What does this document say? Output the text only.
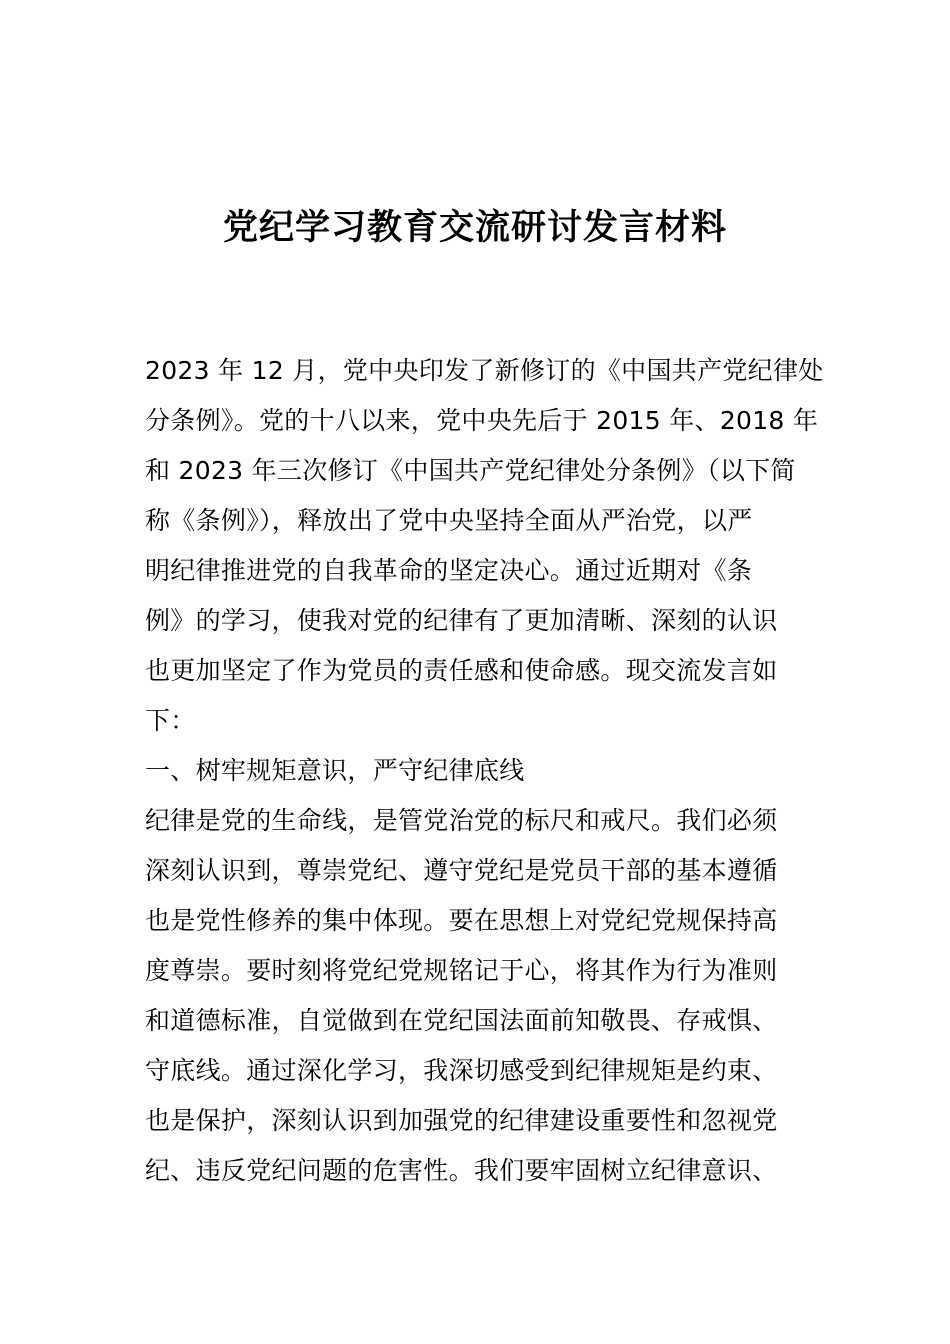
党纪学习教育交流研讨发言材料
2023 年 12 月，党中央印发了新修订的《中国共产党纪律处
分条例》。党的十八以来，党中央先后于 2015 年、2018 年
和 2023 年三次修订《中国共产党纪律处分条例》（以下简
称《条例》），释放出了党中央坚持全面从严治党，以严
明纪律推进党的自我革命的坚定决心。通过近期对《条
例》的学习，使我对党的纪律有了更加清晰、深刻的认识
也更加坚定了作为党员的责任感和使命感。现交流发言如
下：
一、树牢规矩意识，严守纪律底线
纪律是党的生命线，是管党治党的标尺和戒尺。我们必须
深刻认识到，尊崇党纪、遵守党纪是党员干部的基本遵循
也是党性修养的集中体现。要在思想上对党纪党规保持高
度尊崇。要时刻将党纪党规铭记于心，将其作为行为准则
和道德标准，自觉做到在党纪国法面前知敬畏、存戒惧、
守底线。通过深化学习，我深切感受到纪律规矩是约束、
也是保护，深刻认识到加强党的纪律建设重要性和忽视党
纪、违反党纪问题的危害性。我们要牢固树立纪律意识、
